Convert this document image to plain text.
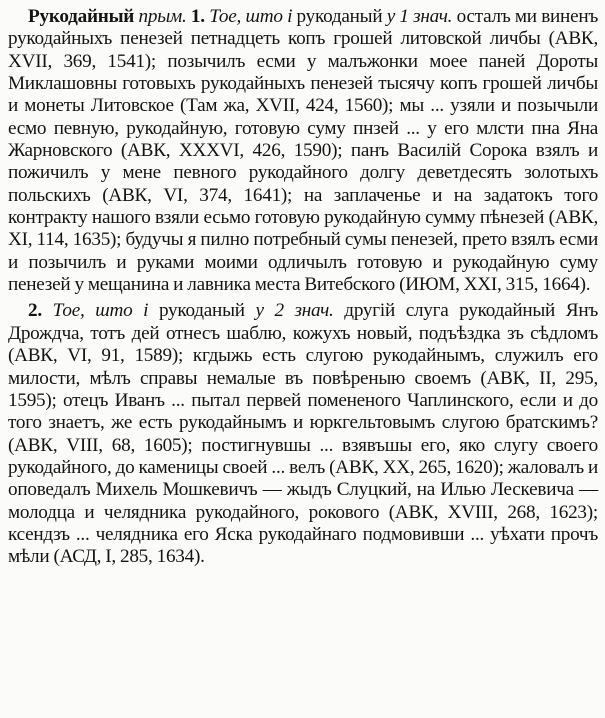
Рукодайный прым. 1. Тое, штo i рукоданый у 1 знач. осталъ ми виненъ рукодайныхъ пенезей петнадцеть копъ грошей литовской личбы (АВК, XVII, 369, 1541); позычилъ есми у малъжонки моее паней Дороты Миклашовны готовыхъ рукодайныхъ пенезей тысячу копъ грошей личбы и монеты Литовское (Там жа, XVII, 424, 1560); мы ... узяли и позычыли есмо певную, рукодайную, готовую суму пнзей ... у его млсти пна Яна Жарновского (АВК, XXXVI, 426, 1590); панъ Василій Сорока взялъ и пожичилъ у мене певного рукодайного долгу деветдесять золотыхъ польскихъ (АВК, VI, 374, 1641); на заплаченье и на задатокъ того контракту нашого взяли есьмо готовую рукодайную сумму пѣнезей (АВК, XI, 114, 1635); будучы я пилно потребный сумы пенезей, прето взялъ есми и позычилъ и руками моими одличылъ готовую и рукодайную суму пенезей у мещанина и лавника места Витебского (ИЮМ, XXI, 315, 1664).

2. Тое, штo i рукоданый у 2 знач. другій слуга рукодайный Янъ Дрождча, тотъ дей отнесъ шаблю, кожухъ новый, подъѣздка зъ сѣдломъ (АВК, VI, 91, 1589); кгдыжь есть слугою рукодайнымъ, служилъ его милости, мѣлъ справы немалые въ повѣреныю своемъ (АВК, II, 295, 1595); отецъ Иванъ ... пытал первей помененого Чаплинского, если и до того знаетъ, же есть рукодайнымъ и юркгельтовымъ слугою братскимъ? (АВК, VIII, 68, 1605); постигнувшы ... взявъшы его, яко слугу своего рукодайного, до каменицы своей ... велъ (АВК, XX, 265, 1620); жаловалъ и оповедалъ Михель Мошкевичъ — жыдъ Слуцкий, на Илью Лескевича — молодца и челядника рукодайного, рокового (АВК, XVIII, 268, 1623); ксендзъ ... челядника его Яска рукодайнаго подмовивши ... уѣхати прочъ мѣли (АСД, I, 285, 1634).
